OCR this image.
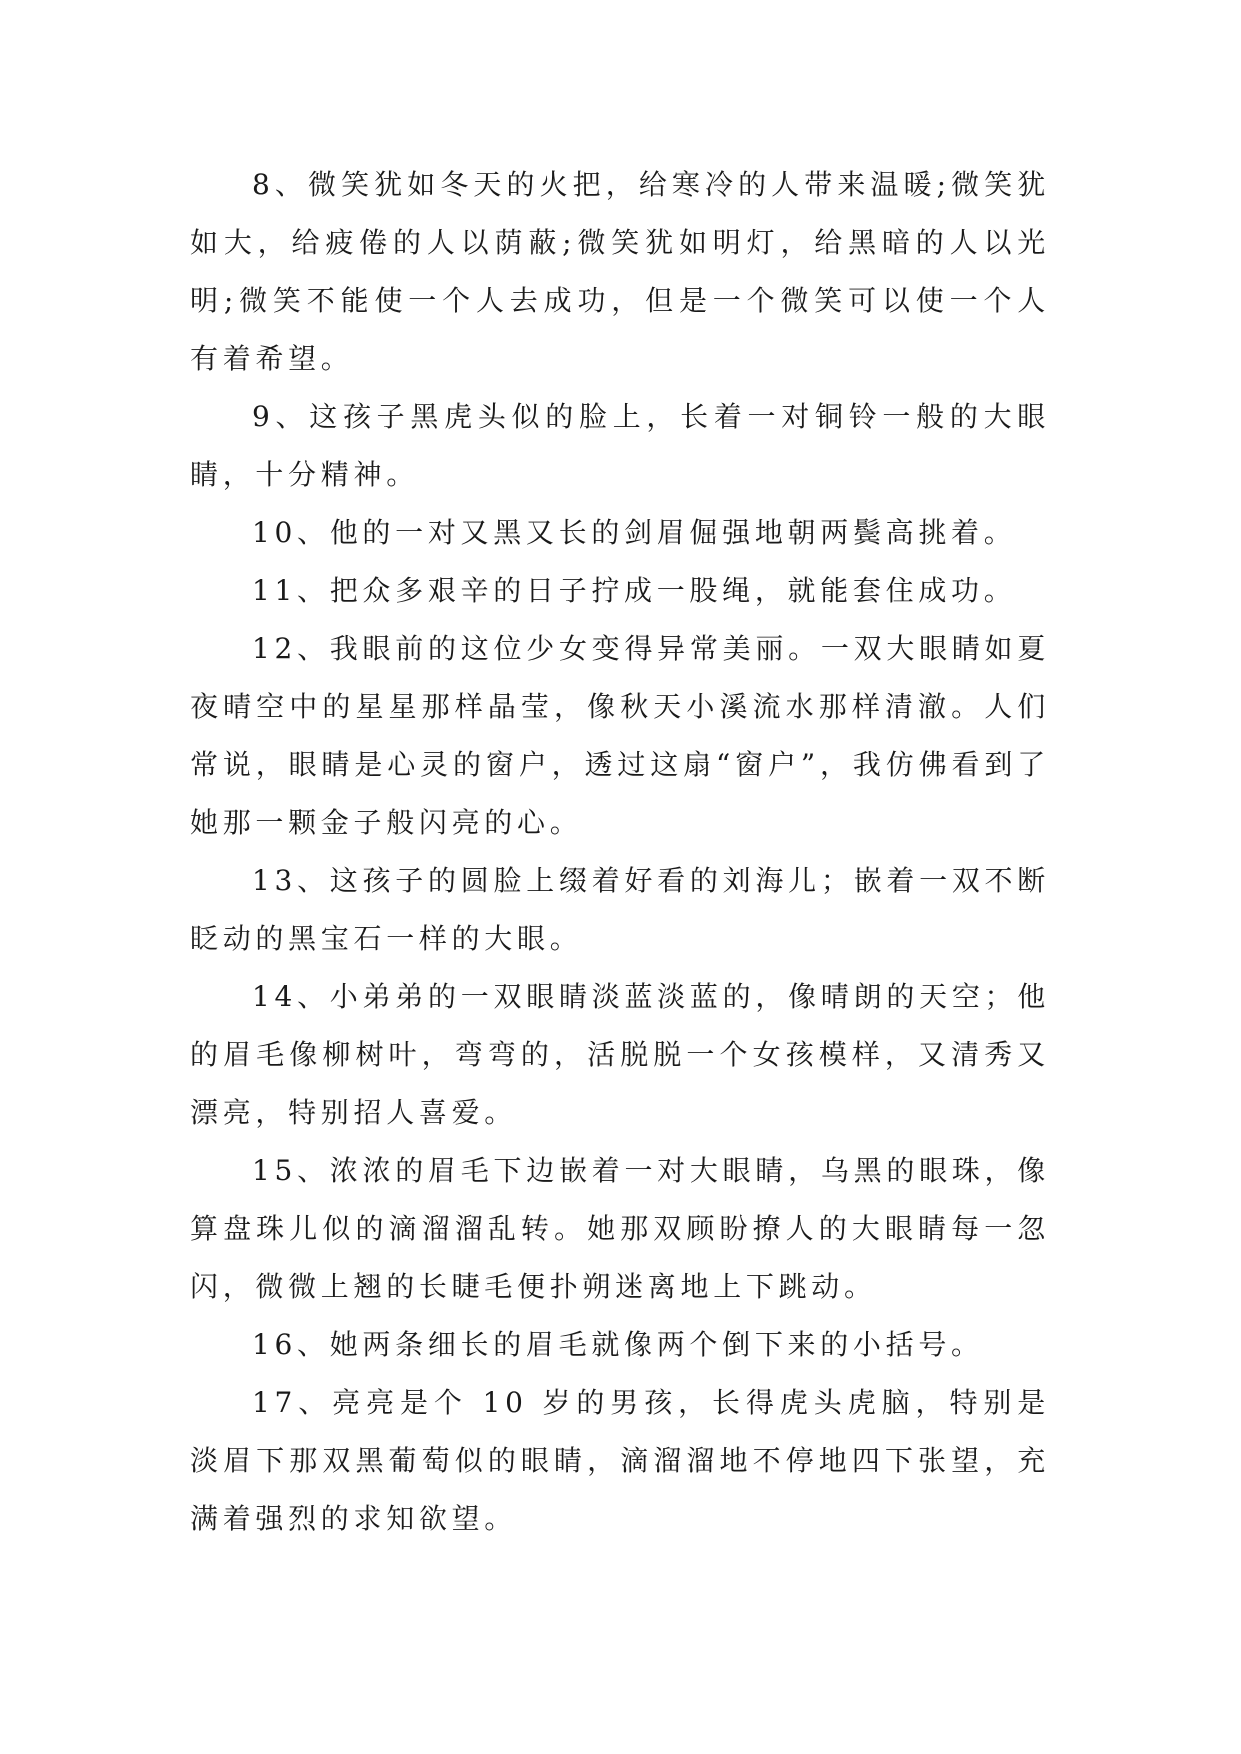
8、微笑犹如冬天的火把，给寒冷的人带来温暖;微笑犹如大，给疲倦的人以荫蔽;微笑犹如明灯，给黑暗的人以光明;微笑不能使一个人去成功，但是一个微笑可以使一个人有着希望。

9、这孩子黑虎头似的脸上，长着一对铜铃一般的大眼睛，十分精神。

10、他的一对又黑又长的剑眉倔强地朝两鬓高挑着。

11、把众多艰辛的日子拧成一股绳，就能套住成功。

12、我眼前的这位少女变得异常美丽。一双大眼睛如夏夜晴空中的星星那样晶莹，像秋天小溪流水那样清澈。人们常说，眼睛是心灵的窗户，透过这扇“窗户”，我仿佛看到了她那一颗金子般闪亮的心。

13、这孩子的圆脸上缀着好看的刘海儿；嵌着一双不断眨动的黑宝石一样的大眼。

14、小弟弟的一双眼睛淡蓝淡蓝的，像晴朗的天空；他的眉毛像柳树叶，弯弯的，活脱脱一个女孩模样，又清秀又漂亮，特别招人喜爱。

15、浓浓的眉毛下边嵌着一对大眼睛，乌黑的眼珠，像算盘珠儿似的滴溜溜乱转。她那双顾盼撩人的大眼睛每一忽闪，微微上翘的长睫毛便扑朔迷离地上下跳动。

16、她两条细长的眉毛就像两个倒下来的小括号。

17、亮亮是个 10 岁的男孩，长得虎头虎脑，特别是淡眉下那双黑葡萄似的眼睛，滴溜溜地不停地四下张望，充满着强烈的求知欲望。
